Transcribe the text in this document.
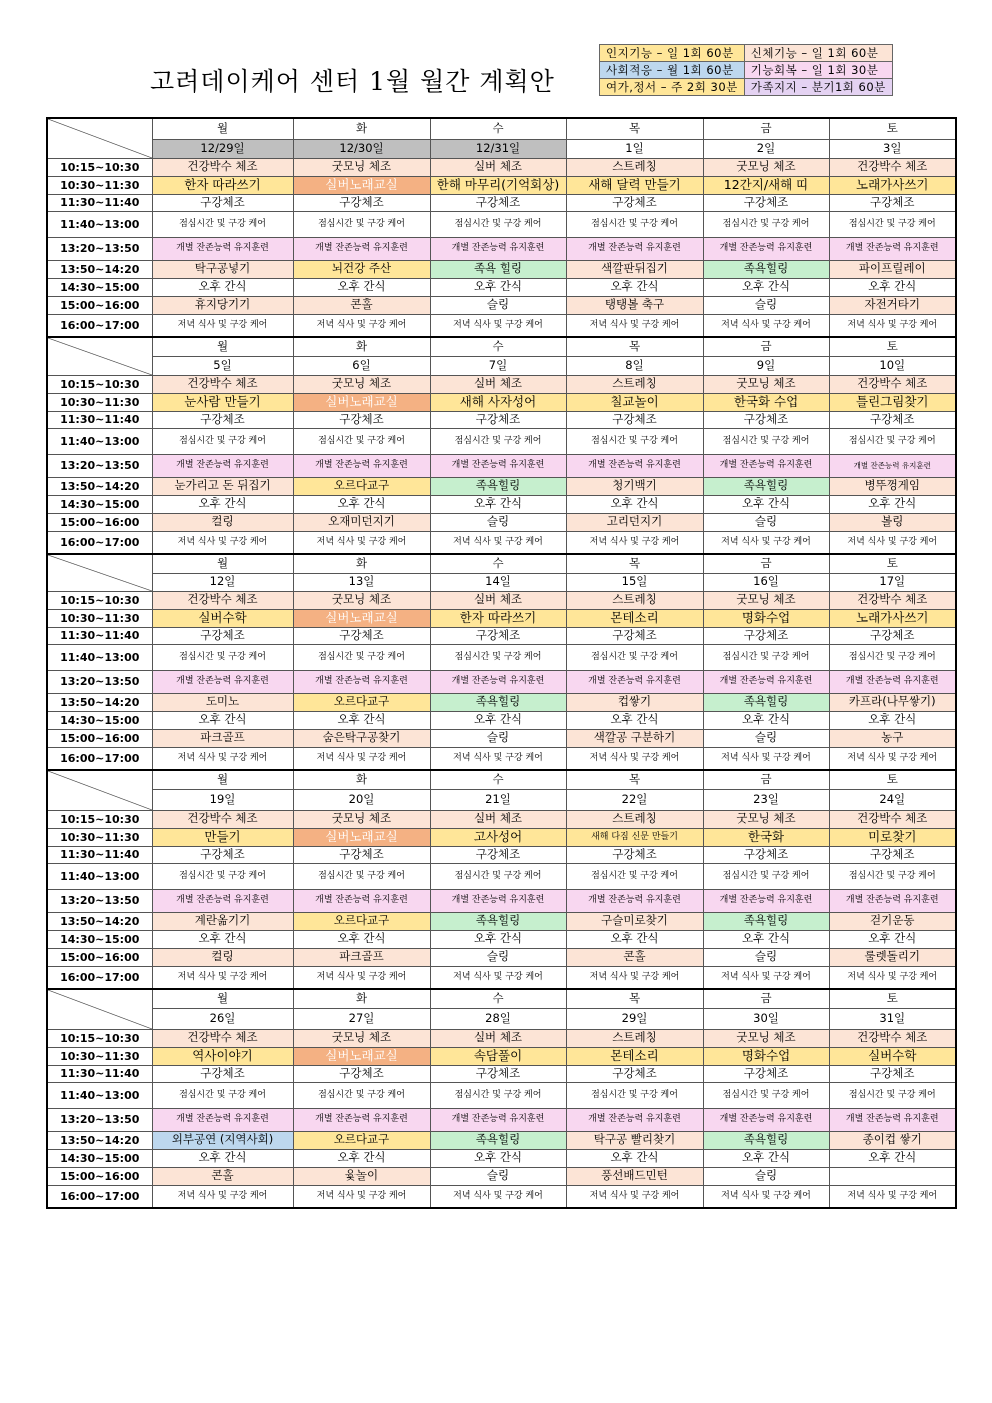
고려데이케어 센터 1월 월간 계획안
인지기능 – 일 1회 60분	신체기능 – 일 1회 60분
사회적응 – 월 1회 60분	기능회복 – 일 1회 30분
여가,정서 – 주 2회 30분	가족지지 – 분기1회 60분
	월	화	수	목	금	토
	12/29일	12/30일	12/31일	1일	2일	3일
10:15~10:30	건강박수 체조	굿모닝 체조	실버 체조	스트레칭	굿모닝 체조	건강박수 체조
10:30~11:30	한자 따라쓰기	실버노래교실	한해 마무리(기억회상)	새해 달력 만들기	12간지/새해 띠	노래가사쓰기
11:30~11:40	구강체조	구강체조	구강체조	구강체조	구강체조	구강체조
11:40~13:00	점심시간 및 구강 케어	점심시간 및 구강 케어	점심시간 및 구강 케어	점심시간 및 구강 케어	점심시간 및 구강 케어	점심시간 및 구강 케어
13:20~13:50	개별 잔존능력 유지훈련	개별 잔존능력 유지훈련	개별 잔존능력 유지훈련	개별 잔존능력 유지훈련	개별 잔존능력 유지훈련	개별 잔존능력 유지훈련
13:50~14:20	탁구공넣기	뇌건강 주산	족욕 힐링	색깔판뒤집기	족욕힐링	파이프릴레이
14:30~15:00	오후 간식	오후 간식	오후 간식	오후 간식	오후 간식	오후 간식
15:00~16:00	휴지당기기	콘홀	슬링	탱탱볼 축구	슬링	자전거타기
16:00~17:00	저녁 식사 및 구강 케어	저녁 식사 및 구강 케어	저녁 식사 및 구강 케어	저녁 식사 및 구강 케어	저녁 식사 및 구강 케어	저녁 식사 및 구강 케어
	월	화	수	목	금	토
	5일	6일	7일	8일	9일	10일
10:15~10:30	건강박수 체조	굿모닝 체조	실버 체조	스트레칭	굿모닝 체조	건강박수 체조
10:30~11:30	눈사람 만들기	실버노래교실	새해 사자성어	칠교놀이	한국화 수업	틀린그림찾기
11:30~11:40	구강체조	구강체조	구강체조	구강체조	구강체조	구강체조
11:40~13:00	점심시간 및 구강 케어	점심시간 및 구강 케어	점심시간 및 구강 케어	점심시간 및 구강 케어	점심시간 및 구강 케어	점심시간 및 구강 케어
13:20~13:50	개별 잔존능력 유지훈련	개별 잔존능력 유지훈련	개별 잔존능력 유지훈련	개별 잔존능력 유지훈련	개별 잔존능력 유지훈련	개별 잔존능력 유지훈련
13:50~14:20	눈가리고 돈 뒤집기	오르다교구	족욕힐링	청기백기	족욕힐링	병뚜껑게임
14:30~15:00	오후 간식	오후 간식	오후 간식	오후 간식	오후 간식	오후 간식
15:00~16:00	컬링	오재미던지기	슬링	고리던지기	슬링	볼링
16:00~17:00	저녁 식사 및 구강 케어	저녁 식사 및 구강 케어	저녁 식사 및 구강 케어	저녁 식사 및 구강 케어	저녁 식사 및 구강 케어	저녁 식사 및 구강 케어
	월	화	수	목	금	토
	12일	13일	14일	15일	16일	17일
10:15~10:30	건강박수 체조	굿모닝 체조	실버 체조	스트레칭	굿모닝 체조	건강박수 체조
10:30~11:30	실버수학	실버노래교실	한자 따라쓰기	몬테소리	명화수업	노래가사쓰기
11:30~11:40	구강체조	구강체조	구강체조	구강체조	구강체조	구강체조
11:40~13:00	점심시간 및 구강 케어	점심시간 및 구강 케어	점심시간 및 구강 케어	점심시간 및 구강 케어	점심시간 및 구강 케어	점심시간 및 구강 케어
13:20~13:50	개별 잔존능력 유지훈련	개별 잔존능력 유지훈련	개별 잔존능력 유지훈련	개별 잔존능력 유지훈련	개별 잔존능력 유지훈련	개별 잔존능력 유지훈련
13:50~14:20	도미노	오르다교구	족욕힐링	컵쌓기	족욕힐링	카프라(나무쌓기)
14:30~15:00	오후 간식	오후 간식	오후 간식	오후 간식	오후 간식	오후 간식
15:00~16:00	파크골프	숨은탁구공찾기	슬링	색깔공 구분하기	슬링	농구
16:00~17:00	저녁 식사 및 구강 케어	저녁 식사 및 구강 케어	저녁 식사 및 구강 케어	저녁 식사 및 구강 케어	저녁 식사 및 구강 케어	저녁 식사 및 구강 케어
	월	화	수	목	금	토
	19일	20일	21일	22일	23일	24일
10:15~10:30	건강박수 체조	굿모닝 체조	실버 체조	스트레칭	굿모닝 체조	건강박수 체조
10:30~11:30	만들기	실버노래교실	고사성어	새해 다짐 신문 만들기	한국화	미로찾기
11:30~11:40	구강체조	구강체조	구강체조	구강체조	구강체조	구강체조
11:40~13:00	점심시간 및 구강 케어	점심시간 및 구강 케어	점심시간 및 구강 케어	점심시간 및 구강 케어	점심시간 및 구강 케어	점심시간 및 구강 케어
13:20~13:50	개별 잔존능력 유지훈련	개별 잔존능력 유지훈련	개별 잔존능력 유지훈련	개별 잔존능력 유지훈련	개별 잔존능력 유지훈련	개별 잔존능력 유지훈련
13:50~14:20	계란옮기기	오르다교구	족욕힐링	구슬미로찾기	족욕힐링	걷기운동
14:30~15:00	오후 간식	오후 간식	오후 간식	오후 간식	오후 간식	오후 간식
15:00~16:00	컬링	파크골프	슬링	콘홀	슬링	룰렛돌리기
16:00~17:00	저녁 식사 및 구강 케어	저녁 식사 및 구강 케어	저녁 식사 및 구강 케어	저녁 식사 및 구강 케어	저녁 식사 및 구강 케어	저녁 식사 및 구강 케어
	월	화	수	목	금	토
	26일	27일	28일	29일	30일	31일
10:15~10:30	건강박수 체조	굿모닝 체조	실버 체조	스트레칭	굿모닝 체조	건강박수 체조
10:30~11:30	역사이야기	실버노래교실	속담풀이	몬테소리	명화수업	실버수학
11:30~11:40	구강체조	구강체조	구강체조	구강체조	구강체조	구강체조
11:40~13:00	점심시간 및 구강 케어	점심시간 및 구강 케어	점심시간 및 구강 케어	점심시간 및 구강 케어	점심시간 및 구강 케어	점심시간 및 구강 케어
13:20~13:50	개별 잔존능력 유지훈련	개별 잔존능력 유지훈련	개별 잔존능력 유지훈련	개별 잔존능력 유지훈련	개별 잔존능력 유지훈련	개별 잔존능력 유지훈련
13:50~14:20	외부공연 (지역사회)	오르다교구	족욕힐링	탁구공 빨리찾기	족욕힐링	종이컵 쌓기
14:30~15:00	오후 간식	오후 간식	오후 간식	오후 간식	오후 간식	오후 간식
15:00~16:00	콘홀	윷놀이	슬링	풍선배드민턴	슬링	
16:00~17:00	저녁 식사 및 구강 케어	저녁 식사 및 구강 케어	저녁 식사 및 구강 케어	저녁 식사 및 구강 케어	저녁 식사 및 구강 케어	저녁 식사 및 구강 케어
